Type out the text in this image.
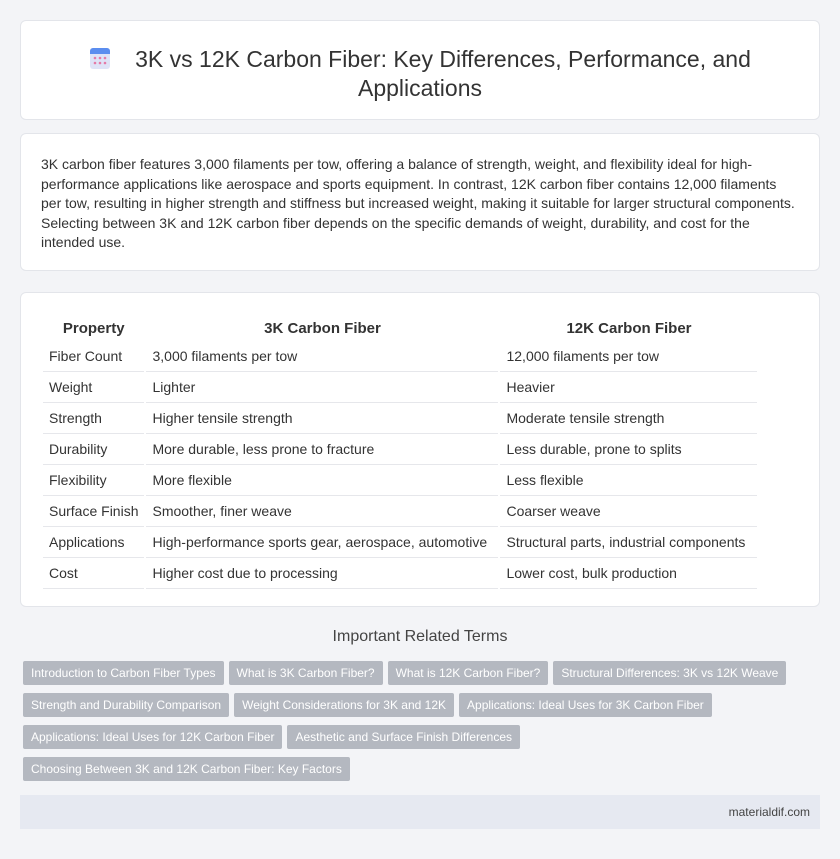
3K vs 12K Carbon Fiber: Key Differences, Performance, and Applications

3K carbon fiber features 3,000 filaments per tow, offering a balance of strength, weight, and flexibility ideal for high-performance applications like aerospace and sports equipment. In contrast, 12K carbon fiber contains 12,000 filaments per tow, resulting in higher strength and stiffness but increased weight, making it suitable for larger structural components. Selecting between 3K and 12K carbon fiber depends on the specific demands of weight, durability, and cost for the intended use.

Property	3K Carbon Fiber	12K Carbon Fiber
Fiber Count	3,000 filaments per tow	12,000 filaments per tow
Weight	Lighter	Heavier
Strength	Higher tensile strength	Moderate tensile strength
Durability	More durable, less prone to fracture	Less durable, prone to splits
Flexibility	More flexible	Less flexible
Surface Finish	Smoother, finer weave	Coarser weave
Applications	High-performance sports gear, aerospace, automotive	Structural parts, industrial components
Cost	Higher cost due to processing	Lower cost, bulk production
Important Related Terms
Introduction to Carbon Fiber Types What is 3K Carbon Fiber? What is 12K Carbon Fiber? Structural Differences: 3K vs 12K Weave
Strength and Durability Comparison Weight Considerations for 3K and 12K Applications: Ideal Uses for 3K Carbon Fiber
Applications: Ideal Uses for 12K Carbon Fiber Aesthetic and Surface Finish Differences
Choosing Between 3K and 12K Carbon Fiber: Key Factors
materialdif.com
